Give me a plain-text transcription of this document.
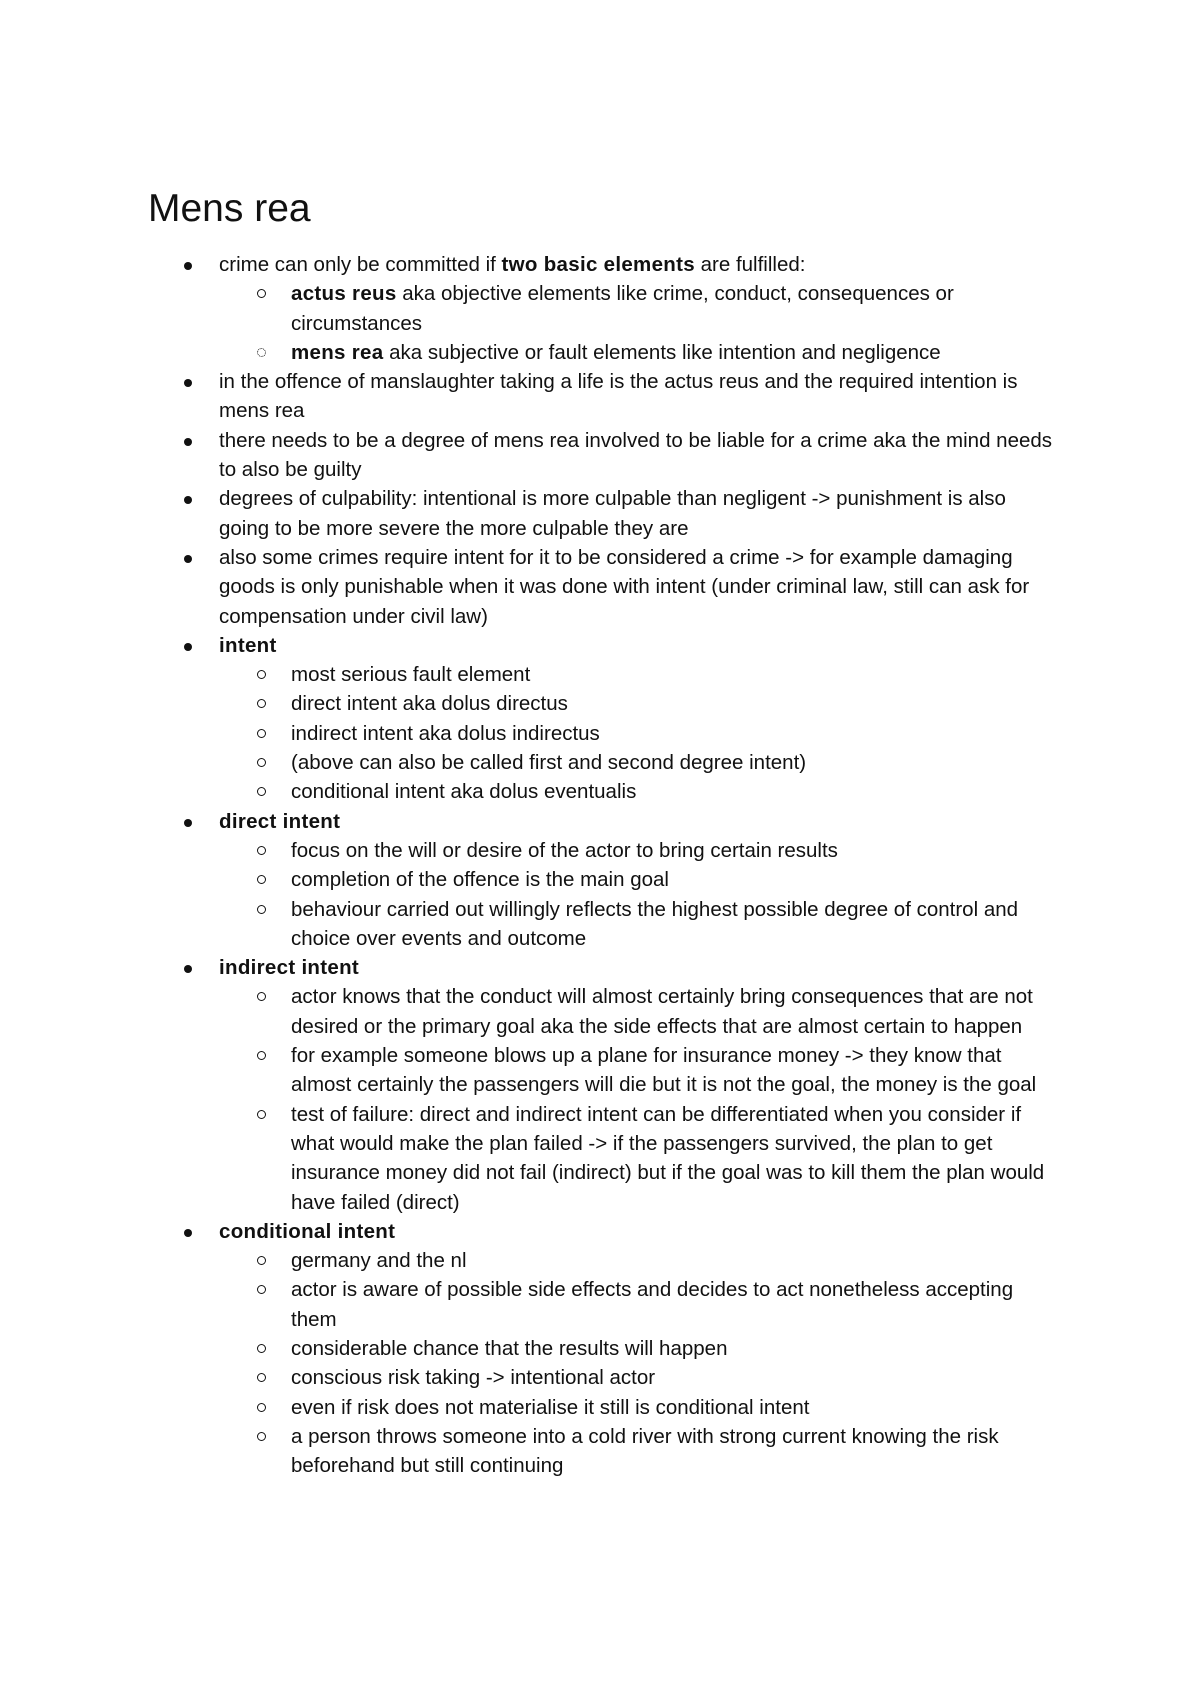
Mens rea
crime can only be committed if two basic elements are fulfilled:
actus reus aka objective elements like crime, conduct, consequences or circumstances
mens rea aka subjective or fault elements like intention and negligence
in the offence of manslaughter taking a life is the actus reus and the required intention is mens rea
there needs to be a degree of mens rea involved to be liable for a crime aka the mind needs to also be guilty
degrees of culpability: intentional is more culpable than negligent -> punishment is also going to be more severe the more culpable they are
also some crimes require intent for it to be considered a crime -> for example damaging goods is only punishable when it was done with intent (under criminal law, still can ask for compensation under civil law)
intent
most serious fault element
direct intent aka dolus directus
indirect intent aka dolus indirectus
(above can also be called first and second degree intent)
conditional intent aka dolus eventualis
direct intent
focus on the will or desire of the actor to bring certain results
completion of the offence is the main goal
behaviour carried out willingly reflects the highest possible degree of control and choice over events and outcome
indirect intent
actor knows that the conduct will almost certainly bring consequences that are not desired or the primary goal aka the side effects that are almost certain to happen
for example someone blows up a plane for insurance money -> they know that almost certainly the passengers will die but it is not the goal, the money is the goal
test of failure: direct and indirect intent can be differentiated when you consider if what would make the plan failed -> if the passengers survived, the plan to get insurance money did not fail (indirect) but if the goal was to kill them the plan would have failed (direct)
conditional intent
germany and the nl
actor is aware of possible side effects and decides to act nonetheless accepting them
considerable chance that the results will happen
conscious risk taking -> intentional actor
even if risk does not materialise it still is conditional intent
a person throws someone into a cold river with strong current knowing the risk beforehand but still continuing
